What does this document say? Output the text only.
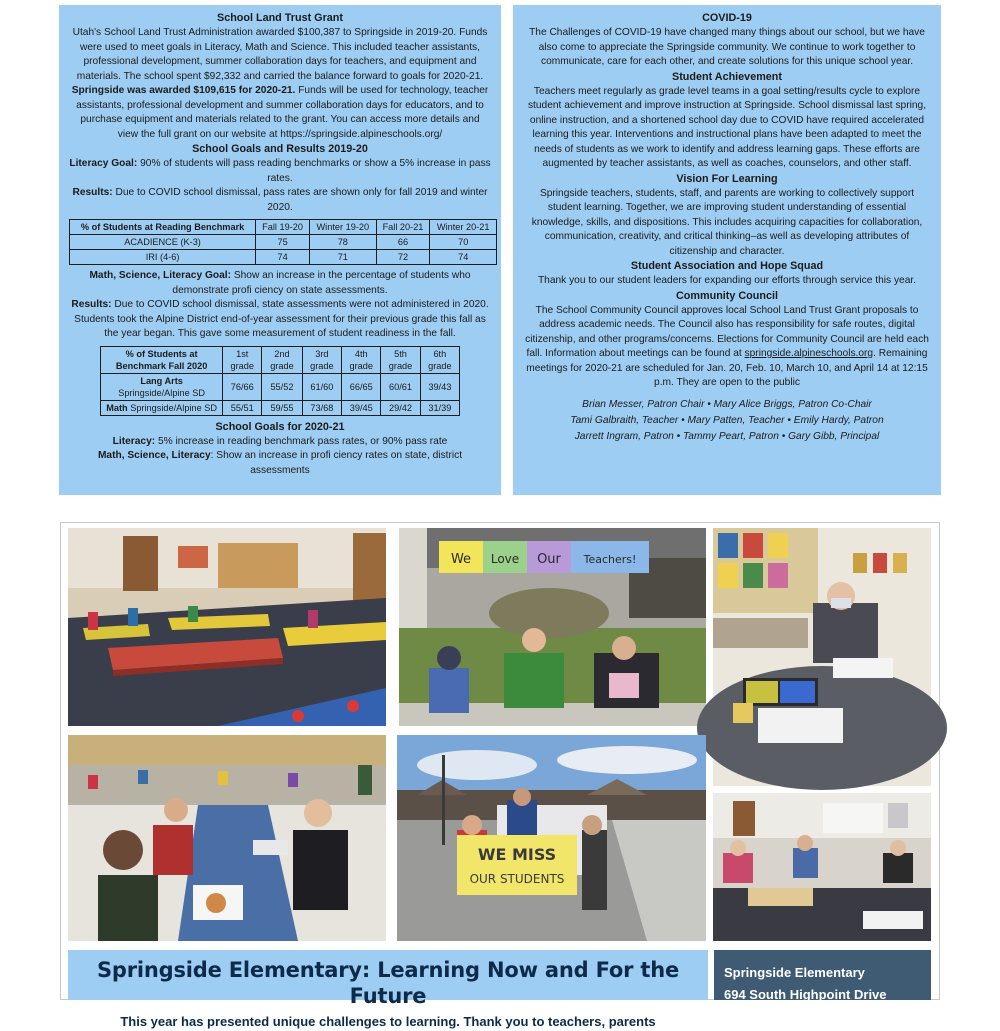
School Land Trust Grant

Utah's School Land Trust Administration awarded $100,387 to Springside in 2019-20. Funds were used to meet goals in Literacy, Math and Science. This included teacher assistants, professional development, summer collaboration days for teachers, and equipment and materials. The school spent $92,332 and carried the balance forward to goals for 2020-21.

Springside was awarded $109,615 for 2020-21. Funds will be used for technology, teacher assistants, professional development and summer collaboration days for educators, and to purchase equipment and materials related to the grant. You can access more details and view the full grant on our website at https://springside.alpineschools.org/

School Goals and Results 2019-20

Literacy Goal: 90% of students will pass reading benchmarks or show a 5% increase in pass rates.

Results: Due to COVID school dismissal, pass rates are shown only for fall 2019 and winter 2020.

% of Students at Reading Benchmark	Fall 19-20	Winter 19-20	Fall 20-21	Winter 20-21
ACADIENCE (K-3)	75	78	66	70
IRI (4-6)	74	71	72	74

Math, Science, Literacy Goal: Show an increase in the percentage of students who demonstrate profi ciency on state assessments.

Results: Due to COVID school dismissal, state assessments were not administered in 2020. Students took the Alpine District end-of-year assessment for their previous grade this fall as the year began. This gave some measurement of student readiness in the fall.

% of Students at Benchmark Fall 2020	1st grade	2nd grade	3rd grade	4th grade	5th grade	6th grade
Lang Arts Springside/Alpine SD	76/66	55/52	61/60	66/65	60/61	39/43
Math Springside/Alpine SD	55/51	59/55	73/68	39/45	29/42	31/39
School Goals for 2020-21

Literacy: 5% increase in reading benchmark pass rates, or 90% pass rate

Math, Science, Literacy: Show an increase in profi ciency rates on state, district assessments

COVID-19

The Challenges of COVID-19 have changed many things about our school, but we have also come to appreciate the Springside community. We continue to work together to communicate, care for each other, and create solutions for this unique school year.

Student Achievement

Teachers meet regularly as grade level teams in a goal setting/results cycle to explore student achievement and improve instruction at Springside. School dismissal last spring, online instruction, and a shortened school day due to COVID have required accelerated learning this year. Interventions and instructional plans have been adapted to meet the needs of students as we work to identify and address learning gaps. These efforts are augmented by teacher assistants, as well as coaches, counselors, and other staff.

Vision For Learning

Springside teachers, students, staff, and parents are working to collectively support student learning. Together, we are improving student understanding of essential knowledge, skills, and dispositions. This includes acquiring capacities for collaboration, communication, creativity, and critical thinking–as well as developing attributes of citizenship and character.

Student Association and Hope Squad

Thank you to our student leaders for expanding our efforts through service this year.

Community Council

The School Community Council approves local School Land Trust Grant proposals to address academic needs. The Council also has responsibility for safe routes, digital citizenship, and other programs/concerns. Elections for Community Council are held each fall. Information about meetings can be found at springside.alpineschools.org. Remaining meetings for 2020-21 are scheduled for Jan. 20, Feb. 10, March 10, and April 14 at 12:15 p.m. They are open to the public

Brian Messer, Patron Chair • Mary Alice Briggs, Patron Co-Chair
Tami Galbraith, Teacher • Mary Patten, Teacher • Emily Hardy, Patron
Jarrett Ingram, Patron • Tammy Peart, Patron • Gary Gibb, Principal
We Love Our Teachers!
WE MISS
OUR STUDENTS
Springside Elementary: Learning Now and For the Future
This year has presented unique challenges to learning. Thank you to teachers, parents
Springside Elementary
694 South Highpoint Drive
